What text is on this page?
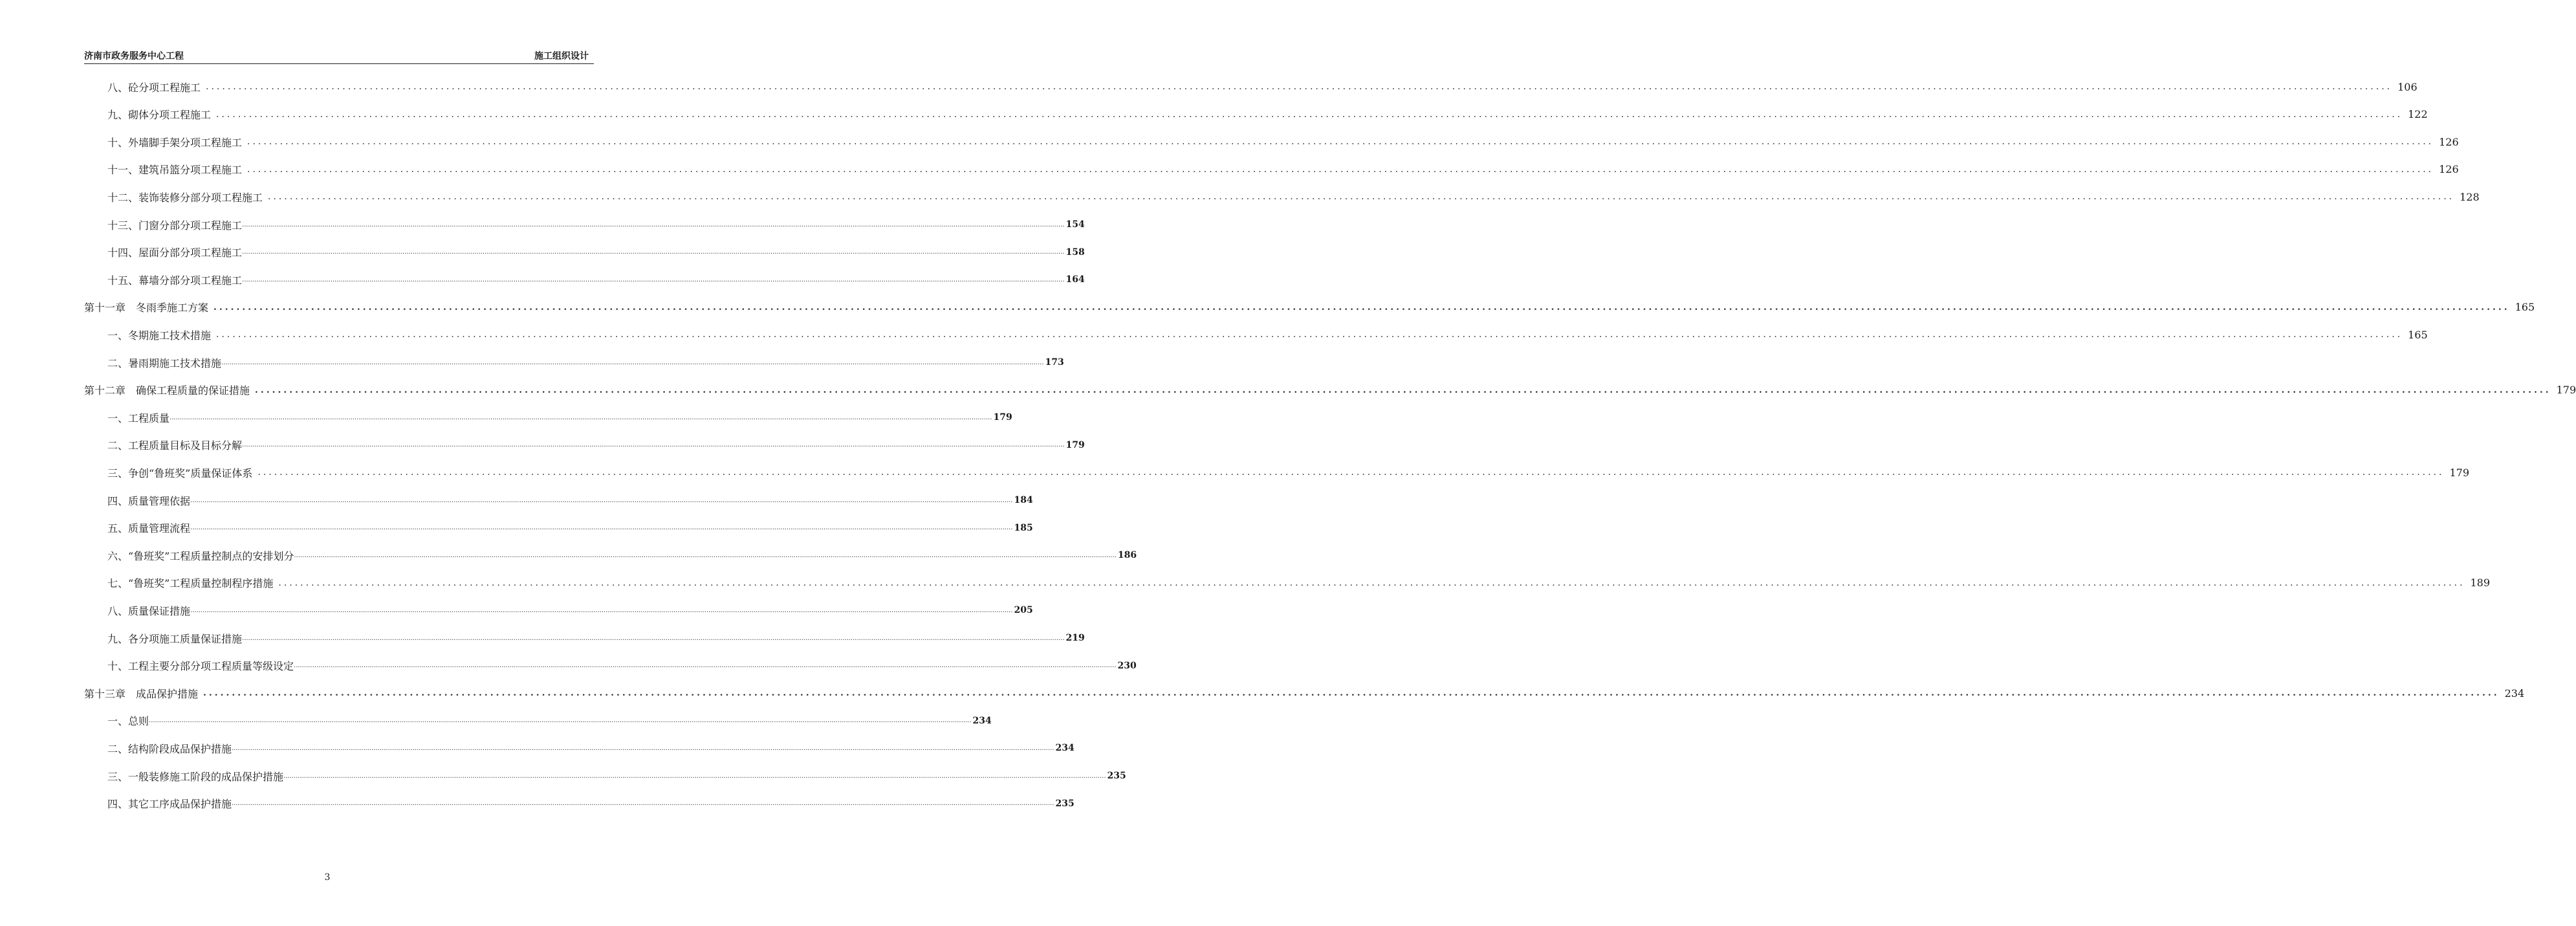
济南市政务服务中心工程	施工组织设计
八、砼分项工程施工 ................................................................................................................................................................................................................................................................................................................................................................................................................ 106
九、砌体分项工程施工 ................................................................................................................................................................................................................................................................................................................................................................................................................ 122
十、外墙脚手架分项工程施工 ................................................................................................................................................................................................................................................................................................................................................................................................................ 126
十一、建筑吊篮分项工程施工 ................................................................................................................................................................................................................................................................................................................................................................................................................ 126
十二、装饰装修分部分项工程施工 ................................................................................................................................................................................................................................................................................................................................................................................................................ 128
十三、门窗分部分项工程施工 ................................................................................................................................................................................................................................................................................................................................................................................................................ 154
十四、屋面分部分项工程施工 ................................................................................................................................................................................................................................................................................................................................................................................................................ 158
十五、幕墙分部分项工程施工 ................................................................................................................................................................................................................................................................................................................................................................................................................ 164
第十一章　冬雨季施工方案 ................................................................................................................................................................................................................................................................................................................................................................................................................ 165
一、冬期施工技术措施 ................................................................................................................................................................................................................................................................................................................................................................................................................ 165
二、暑雨期施工技术措施 ................................................................................................................................................................................................................................................................................................................................................................................................................ 173
第十二章　确保工程质量的保证措施 ................................................................................................................................................................................................................................................................................................................................................................................................................ 179
一、工程质量 ................................................................................................................................................................................................................................................................................................................................................................................................................ 179
二、工程质量目标及目标分解 ................................................................................................................................................................................................................................................................................................................................................................................................................ 179
三、争创“鲁班奖”质量保证体系 ................................................................................................................................................................................................................................................................................................................................................................................................................ 179
四、质量管理依据 ................................................................................................................................................................................................................................................................................................................................................................................................................ 184
五、质量管理流程 ................................................................................................................................................................................................................................................................................................................................................................................................................ 185
六、“鲁班奖”工程质量控制点的安排划分 ................................................................................................................................................................................................................................................................................................................................................................................................................ 186
七、“鲁班奖”工程质量控制程序措施 ................................................................................................................................................................................................................................................................................................................................................................................................................ 189
八、质量保证措施 ................................................................................................................................................................................................................................................................................................................................................................................................................ 205
九、各分项施工质量保证措施 ................................................................................................................................................................................................................................................................................................................................................................................................................ 219
十、工程主要分部分项工程质量等级设定 ................................................................................................................................................................................................................................................................................................................................................................................................................ 230
第十三章　成品保护措施 ................................................................................................................................................................................................................................................................................................................................................................................................................ 234
一、总则 ................................................................................................................................................................................................................................................................................................................................................................................................................ 234
二、结构阶段成品保护措施 ................................................................................................................................................................................................................................................................................................................................................................................................................ 234
三、一般装修施工阶段的成品保护措施 ................................................................................................................................................................................................................................................................................................................................................................................................................ 235
四、其它工序成品保护措施 ................................................................................................................................................................................................................................................................................................................................................................................................................ 235
3
